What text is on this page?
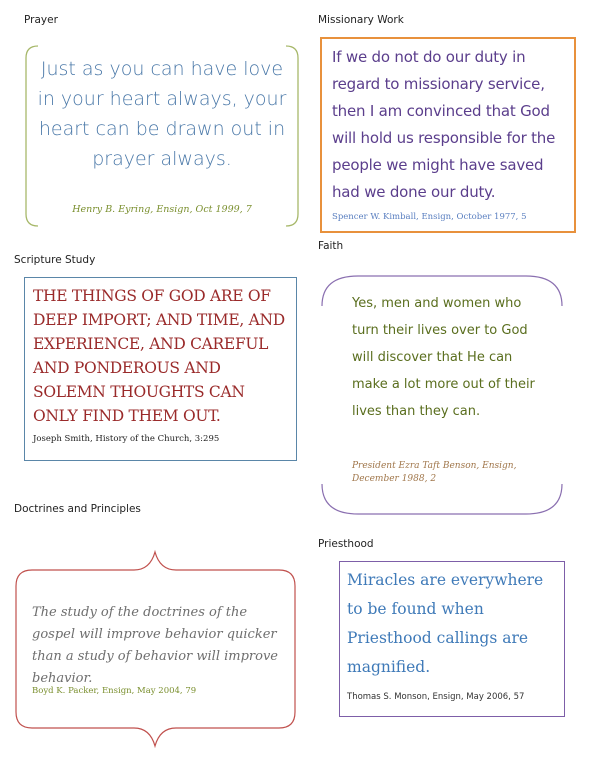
Prayer

Just as you can have love in your heart always, your heart can be drawn out in prayer always.

Henry B. Eyring, Ensign, Oct 1999, 7

Missionary Work

If we do not do our duty in regard to missionary service, then I am convinced that God will hold us responsible for the people we might have saved had we done our duty.

Spencer W. Kimball, Ensign, October 1977, 5

Scripture Study

THE THINGS OF GOD ARE OF DEEP IMPORT; AND TIME, AND EXPERIENCE, AND CAREFUL AND PONDEROUS AND SOLEMN THOUGHTS CAN ONLY FIND THEM OUT.

Joseph Smith, History of the Church, 3:295

Faith

Yes, men and women who turn their lives over to God will discover that He can make a lot more out of their lives than they can.

President Ezra Taft Benson, Ensign, December 1988, 2

Doctrines and Principles

The study of the doctrines of the gospel will improve behavior quicker than a study of behavior will improve behavior.

Boyd K. Packer, Ensign, May 2004, 79

Priesthood

Miracles are everywhere to be found when Priesthood callings are magnified.

Thomas S. Monson, Ensign, May 2006, 57
